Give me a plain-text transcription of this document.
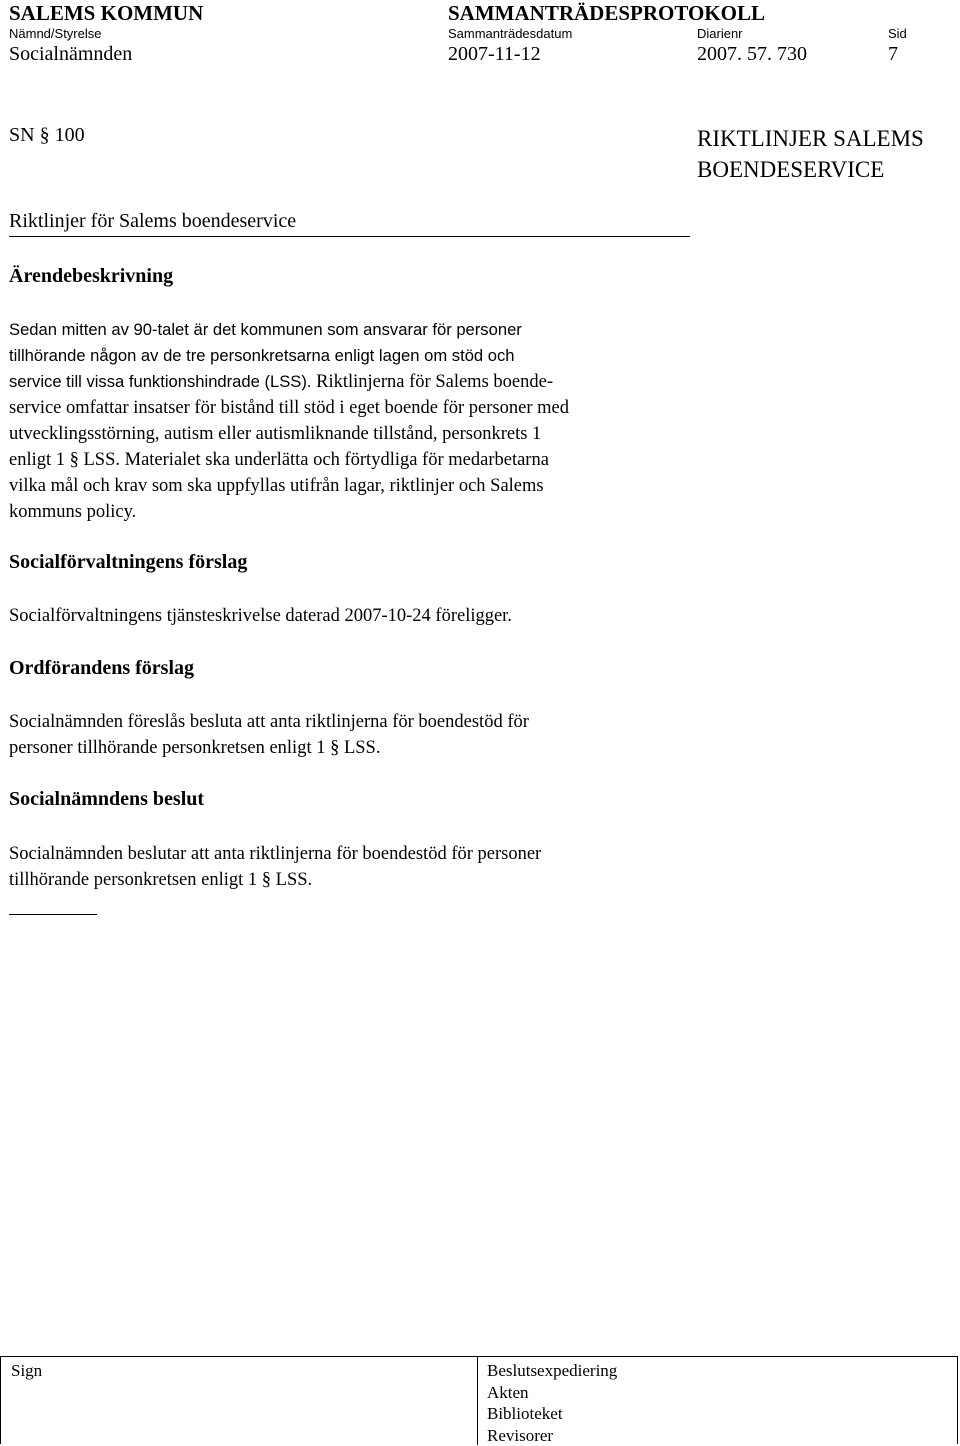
SALEMS KOMMUN	SAMMANTRÄDESPROTOKOLL
Nämnd/Styrelse	Sammanträdesdatum	Diarienr	Sid
Socialnämnden	2007-11-12	2007. 57. 730	7
SN § 100	RIKTLINJER SALEMS
BOENDESERVICE
Riktlinjer för Salems boendeservice
Ärendebeskrivning
Sedan mitten av 90-talet är det kommunen som ansvarar för personer
tillhörande någon av de tre personkretsarna enligt lagen om stöd och
service till vissa funktionshindrade (LSS). Riktlinjerna för Salems boende-
service omfattar insatser för bistånd till stöd i eget boende för personer med
utvecklingsstörning, autism eller autismliknande tillstånd, personkrets 1
enligt 1 § LSS. Materialet ska underlätta och förtydliga för medarbetarna
vilka mål och krav som ska uppfyllas utifrån lagar, riktlinjer och Salems
kommuns policy.
Socialförvaltningens förslag
Socialförvaltningens tjänsteskrivelse daterad 2007-10-24 föreligger.
Ordförandens förslag
Socialnämnden föreslås besluta att anta riktlinjerna för boendestöd för
personer tillhörande personkretsen enligt 1 § LSS.
Socialnämndens beslut
Socialnämnden beslutar att anta riktlinjerna för boendestöd för personer
tillhörande personkretsen enligt 1 § LSS.
Sign	Beslutsexpediering
Akten
Biblioteket
Revisorer
